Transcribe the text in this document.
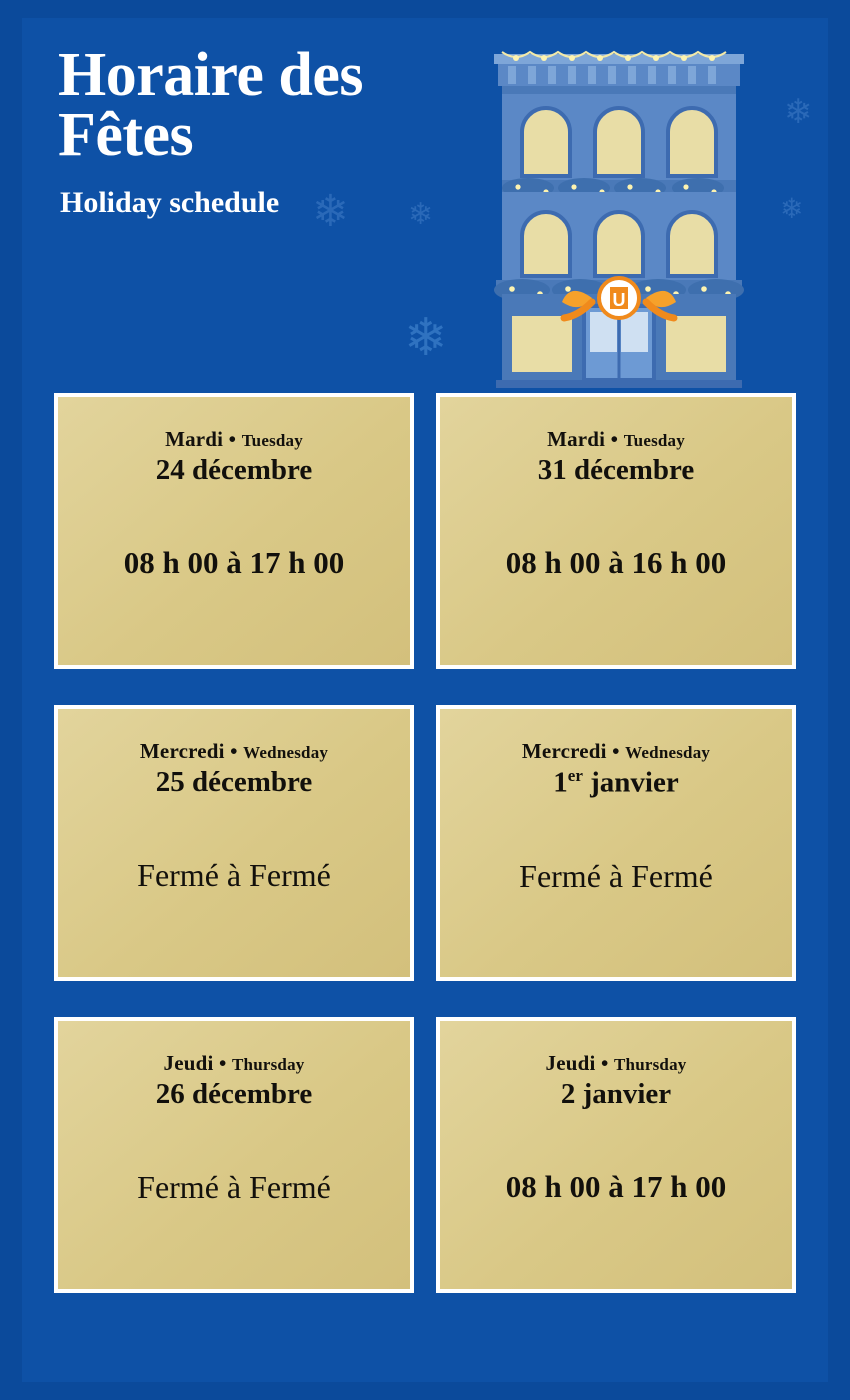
Horaire des Fêtes
Holiday schedule ❄ ❄
❄
❄
❄
U
Mardi • Tuesday
24 décembre
08 h 00 à 17 h 00
Mardi • Tuesday
31 décembre
08 h 00 à 16 h 00
Mercredi • Wednesday
25 décembre
Fermé à Fermé
Mercredi • Wednesday
1er janvier
Fermé à Fermé
Jeudi • Thursday
26 décembre
Fermé à Fermé
Jeudi • Thursday
2 janvier
08 h 00 à 17 h 00
